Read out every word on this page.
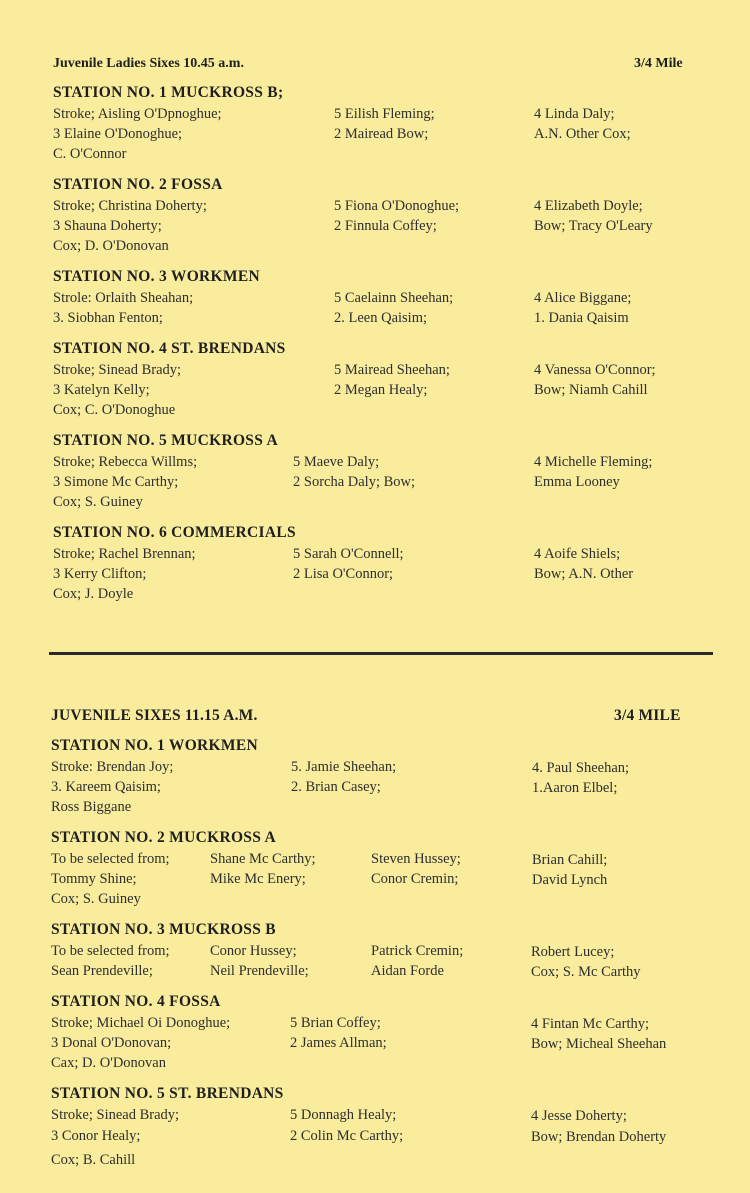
Juvenile Ladies Sixes 10.45 a.m.	3/4 Mile
STATION NO. 1 MUCKROSS B;
Stroke; Aisling O'Dpnoghue;
3 Elaine O'Donoghue;
C. O'Connor
5 Eilish Fleming;
2 Mairead Bow;
4 Linda Daly;
A.N. Other Cox;
STATION NO. 2 FOSSA
Stroke; Christina Doherty;
3 Shauna Doherty;
Cox; D. O'Donovan
5 Fiona O'Donoghue;
2 Finnula Coffey;
4 Elizabeth Doyle;
Bow; Tracy O'Leary
STATION NO. 3 WORKMEN
Strole: Orlaith Sheahan;
3. Siobhan Fenton;
5 Caelainn Sheehan;
2. Leen Qaisim;
4 Alice Biggane;
1. Dania Qaisim
STATION NO. 4 ST. BRENDANS
Stroke; Sinead Brady;
3 Katelyn Kelly;
Cox; C. O'Donoghue
5 Mairead Sheehan;
2 Megan Healy;
4 Vanessa O'Connor;
Bow; Niamh Cahill
STATION NO. 5 MUCKROSS A
Stroke; Rebecca Willms;
3 Simone Mc Carthy;
Cox; S. Guiney
5 Maeve Daly;
2 Sorcha Daly; Bow;
4 Michelle Fleming;
Emma Looney
STATION NO. 6 COMMERCIALS
Stroke; Rachel Brennan;
3 Kerry Clifton;
Cox; J. Doyle
5 Sarah O'Connell;
2 Lisa O'Connor;
4 Aoife Shiels;
Bow; A.N. Other
JUVENILE SIXES 11.15 A.M.	3/4 MILE
STATION NO. 1 WORKMEN
Stroke: Brendan Joy;
3. Kareem Qaisim;
Ross Biggane
5. Jamie Sheehan;
2. Brian Casey;
4. Paul Sheehan;
1.Aaron Elbel;
STATION NO. 2 MUCKROSS A
To be selected from;
Tommy Shine;
Cox; S. Guiney
Shane Mc Carthy;
Mike Mc Enery;
Steven Hussey;
Conor Cremin;
Brian Cahill;
David Lynch
STATION NO. 3 MUCKROSS B
To be selected from;
Sean Prendeville;
Conor Hussey;
Neil Prendeville;
Patrick Cremin;
Aidan Forde
Robert Lucey;
Cox; S. Mc Carthy
STATION NO. 4 FOSSA
Stroke; Michael Oi Donoghue;
3 Donal O'Donovan;
Cax; D. O'Donovan
5 Brian Coffey;
2 James Allman;
4 Fintan Mc Carthy;
Bow; Micheal Sheehan
STATION NO. 5 ST. BRENDANS
Stroke; Sinead Brady;
3 Conor Healy;
Cox; B. Cahill
5 Donnagh Healy;
2 Colin Mc Carthy;
4 Jesse Doherty;
Bow; Brendan Doherty
